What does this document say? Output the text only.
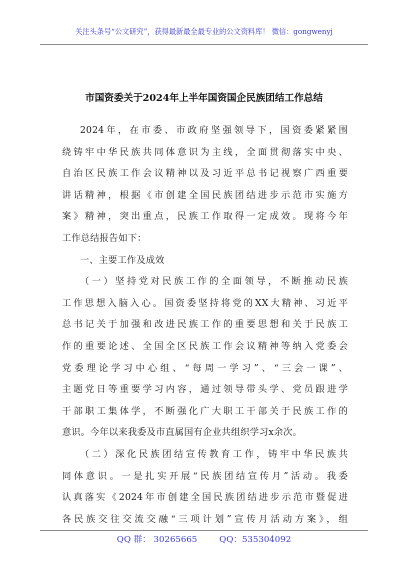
关注头条号“公文研究”，获得最新最全最专业的公文资料库！ 微信：gongwenyj
市国资委关于2024年上半年国资国企民族团结工作总结
2024年，在市委、市政府坚强领导下，国资委紧紧围
绕铸牢中华民族共同体意识为主线，全面贯彻落实中央、
自治区民族工作会议精神以及习近平总书记视察广西重要
讲话精神，根据《市创建全国民族团结进步示范市实施方
案》精神，突出重点，民族工作取得一定成效。现将今年
工作总结报告如下：
一、主要工作及成效
（一）坚持党对民族工作的全面领导，不断推动民族
工作思想入脑入心。国资委坚持将党的XX大精神、习近平
总书记关于加强和改进民族工作的重要思想和关于民族工
作的重要论述、全国全区民族工作会议精神等纳入党委会
党委理论学习中心组、“每周一学习”、“三会一课”、
主题党日等重要学习内容，通过领导带头学、党员跟进学
干部职工集体学，不断强化广大职工干部关于民族工作的
意识。今年以来我委及市直属国有企业共组织学习x余次。
（二）深化民族团结宣传教育工作，铸牢中华民族共
同体意识。一是扎实开展“民族团结宣传月”活动。我委
认真落实《2024年市创建全国民族团结进步示范市暨促进
各民族交往交流交融“三项计划”宣传月活动方案》，组
QQ 群： 30265665	QQ：535304092
